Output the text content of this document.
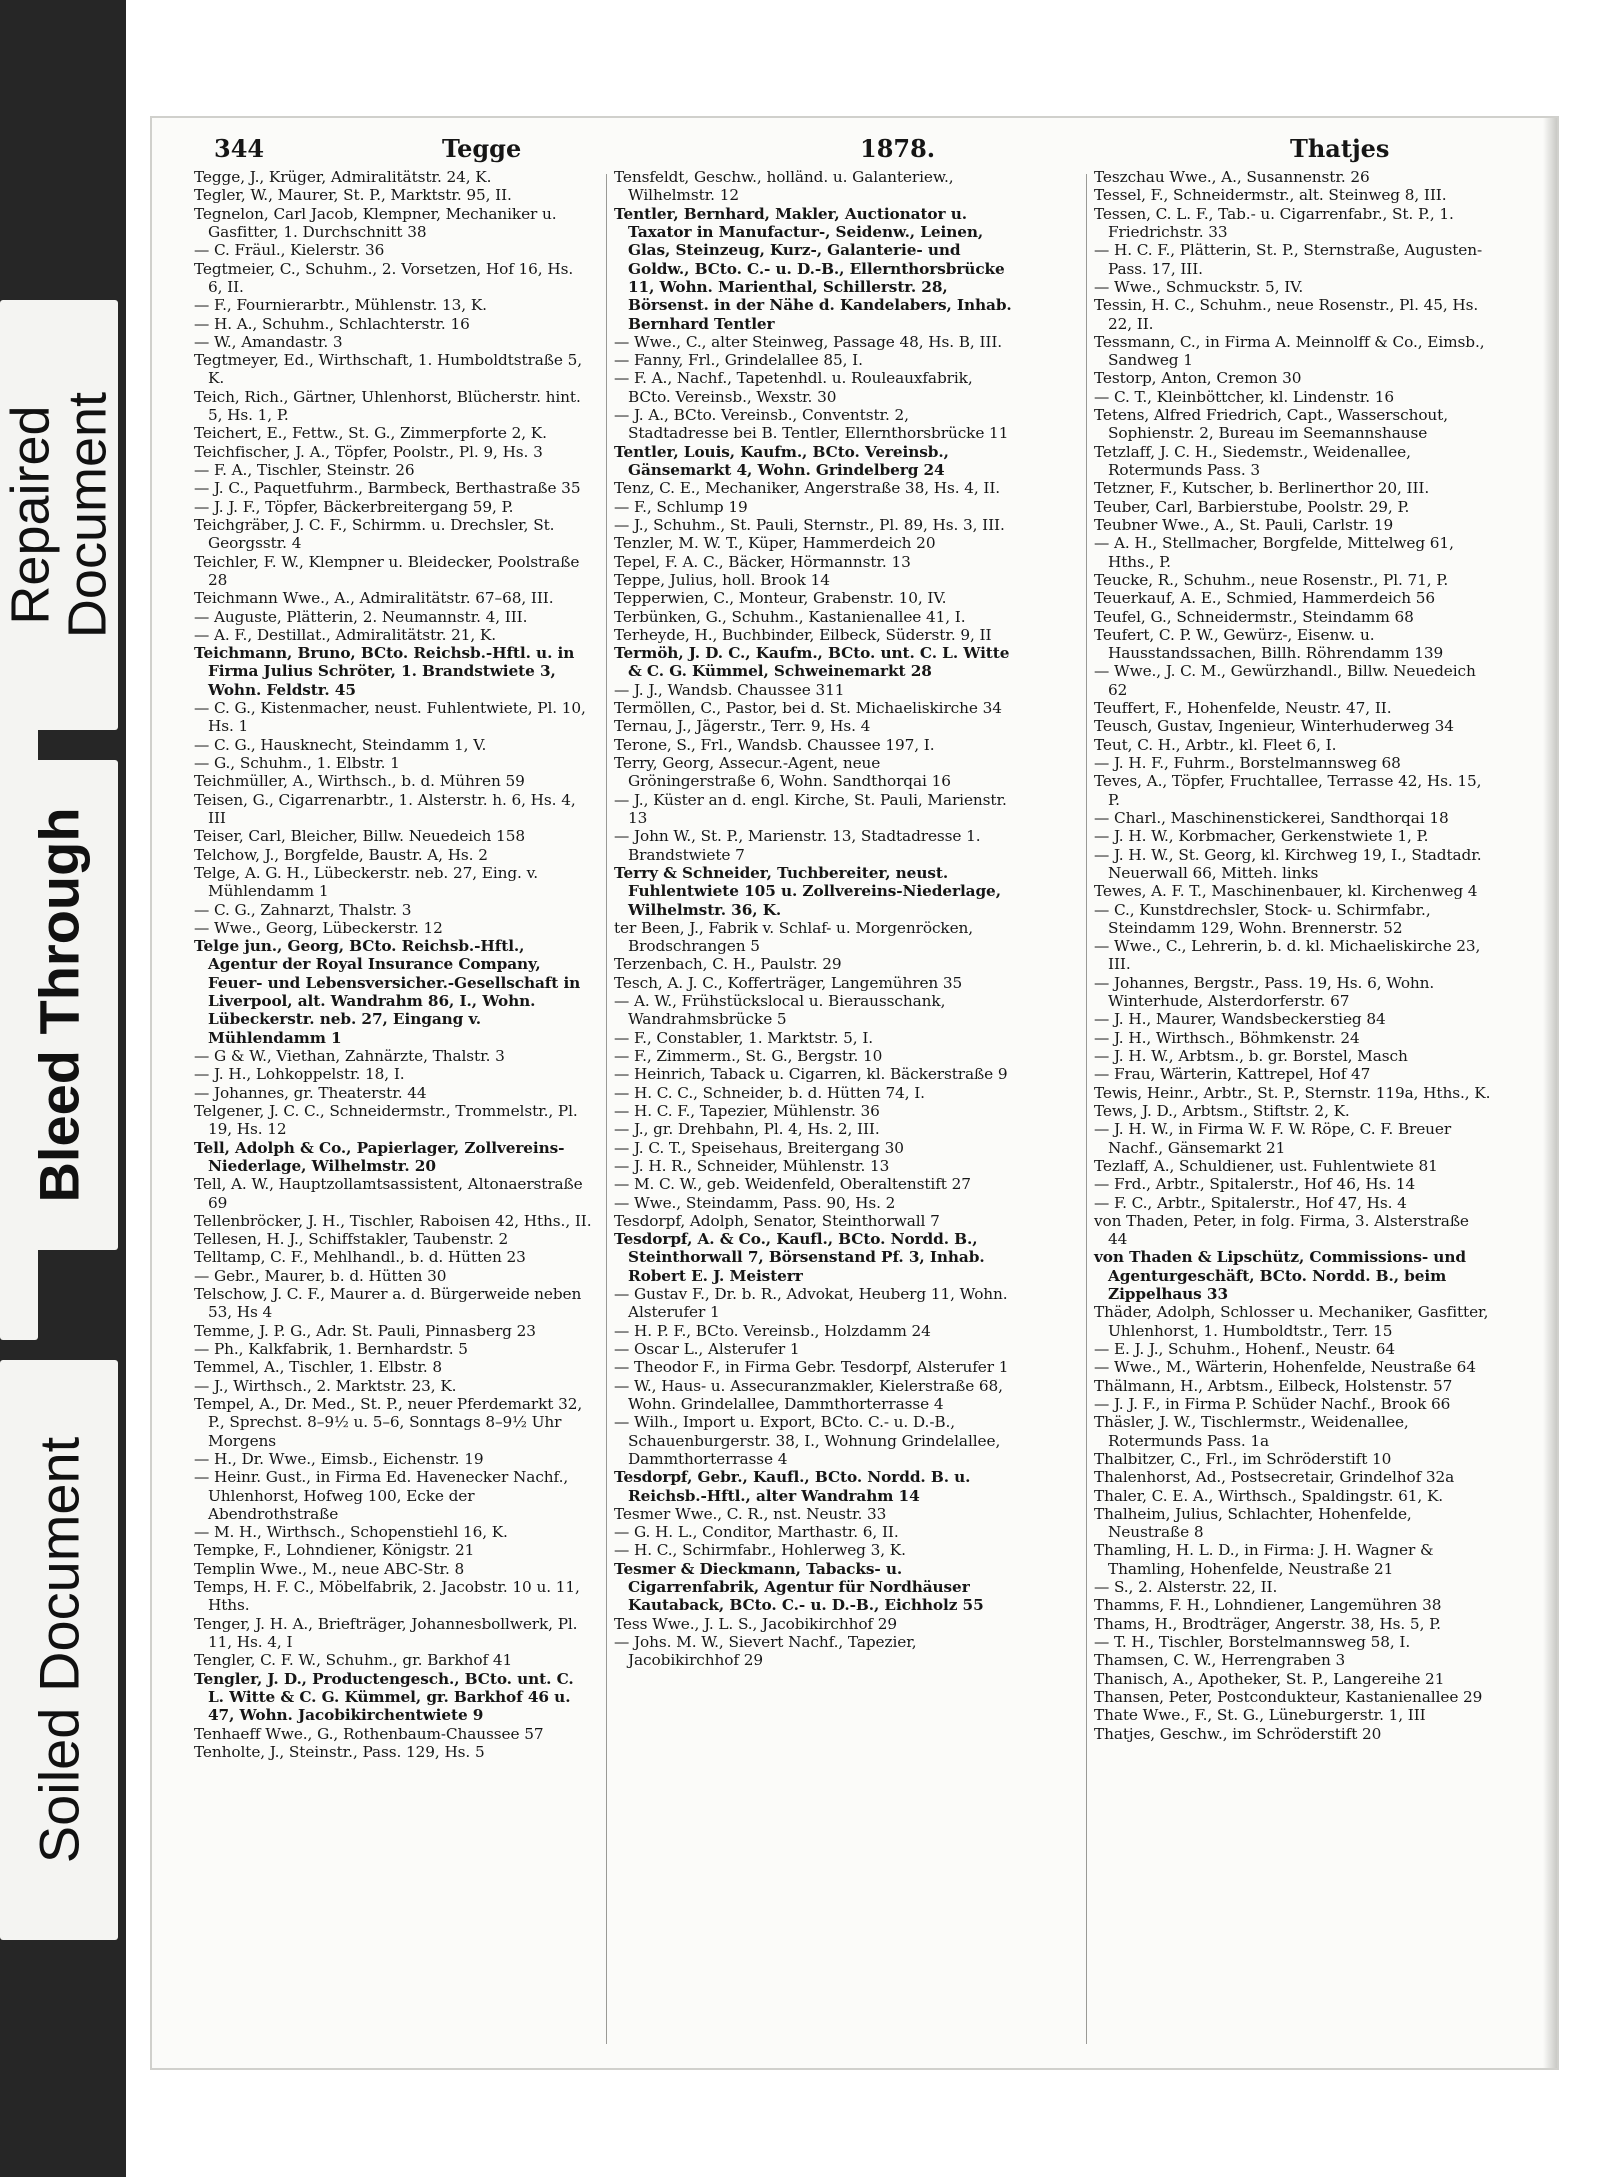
Repaired
Document
Bleed Through
Soiled Document
344	Tegge	1878.	Thatjes

Tegge, J., Krüger, Admiralitätstr. 24, K.

Tegler, W., Maurer, St. P., Marktstr. 95, II.

Tegnelon, Carl Jacob, Klempner, Mechaniker u. Gasfitter, 1. Durchschnitt 38

— C. Fräul., Kielerstr. 36

Tegtmeier, C., Schuhm., 2. Vorsetzen, Hof 16, Hs. 6, II.

— F., Fournierarbtr., Mühlenstr. 13, K.

— H. A., Schuhm., Schlachterstr. 16

— W., Amandastr. 3

Tegtmeyer, Ed., Wirthschaft, 1. Humboldtstraße 5, K.

Teich, Rich., Gärtner, Uhlenhorst, Blücherstr. hint. 5, Hs. 1, P.

Teichert, E., Fettw., St. G., Zimmerpforte 2, K.

Teichfischer, J. A., Töpfer, Poolstr., Pl. 9, Hs. 3

— F. A., Tischler, Steinstr. 26

— J. C., Paquetfuhrm., Barmbeck, Berthastraße 35

— J. J. F., Töpfer, Bäckerbreitergang 59, P.

Teichgräber, J. C. F., Schirmm. u. Drechsler, St. Georgsstr. 4

Teichler, F. W., Klempner u. Bleidecker, Poolstraße 28

Teichmann Wwe., A., Admiralitätstr. 67–68, III.

— Auguste, Plätterin, 2. Neumannstr. 4, III.

— A. F., Destillat., Admiralitätstr. 21, K.

Teichmann, Bruno, BCto. Reichsb.-Hftl. u. in Firma Julius Schröter, 1. Brandstwiete 3, Wohn. Feldstr. 45

— C. G., Kistenmacher, neust. Fuhlentwiete, Pl. 10, Hs. 1

— C. G., Hausknecht, Steindamm 1, V.

— G., Schuhm., 1. Elbstr. 1

Teichmüller, A., Wirthsch., b. d. Mühren 59

Teisen, G., Cigarrenarbtr., 1. Alsterstr. h. 6, Hs. 4, III

Teiser, Carl, Bleicher, Billw. Neuedeich 158

Telchow, J., Borgfelde, Baustr. A, Hs. 2

Telge, A. G. H., Lübeckerstr. neb. 27, Eing. v. Mühlendamm 1

— C. G., Zahnarzt, Thalstr. 3

— Wwe., Georg, Lübeckerstr. 12

Telge jun., Georg, BCto. Reichsb.-Hftl., Agentur der Royal Insurance Company, Feuer- und Lebensversicher.-Gesellschaft in Liverpool, alt. Wandrahm 86, I., Wohn. Lübeckerstr. neb. 27, Eingang v. Mühlendamm 1

— G & W., Viethan, Zahnärzte, Thalstr. 3

— J. H., Lohkoppelstr. 18, I.

— Johannes, gr. Theaterstr. 44

Telgener, J. C. C., Schneidermstr., Trommelstr., Pl. 19, Hs. 12

Tell, Adolph & Co., Papierlager, Zollvereins-Niederlage, Wilhelmstr. 20

Tell, A. W., Hauptzollamtsassistent, Altonaerstraße 69

Tellenbröcker, J. H., Tischler, Raboisen 42, Hths., II.

Tellesen, H. J., Schiffstakler, Taubenstr. 2

Telltamp, C. F., Mehlhandl., b. d. Hütten 23

— Gebr., Maurer, b. d. Hütten 30

Telschow, J. C. F., Maurer a. d. Bürgerweide neben 53, Hs 4

Temme, J. P. G., Adr. St. Pauli, Pinnasberg 23

— Ph., Kalkfabrik, 1. Bernhardstr. 5

Temmel, A., Tischler, 1. Elbstr. 8

— J., Wirthsch., 2. Marktstr. 23, K.

Tempel, A., Dr. Med., St. P., neuer Pferdemarkt 32, P., Sprechst. 8–9½ u. 5–6, Sonntags 8–9½ Uhr Morgens

— H., Dr. Wwe., Eimsb., Eichenstr. 19

— Heinr. Gust., in Firma Ed. Havenecker Nachf., Uhlenhorst, Hofweg 100, Ecke der Abendrothstraße

— M. H., Wirthsch., Schopenstiehl 16, K.

Tempke, F., Lohndiener, Königstr. 21

Templin Wwe., M., neue ABC-Str. 8

Temps, H. F. C., Möbelfabrik, 2. Jacobstr. 10 u. 11, Hths.

Tenger, J. H. A., Briefträger, Johannesbollwerk, Pl. 11, Hs. 4, I

Tengler, C. F. W., Schuhm., gr. Barkhof 41

Tengler, J. D., Productengesch., BCto. unt. C. L. Witte & C. G. Kümmel, gr. Barkhof 46 u. 47, Wohn. Jacobikirchentwiete 9

Tenhaeff Wwe., G., Rothenbaum-Chaussee 57

Tenholte, J., Steinstr., Pass. 129, Hs. 5

Tensfeldt, Geschw., holländ. u. Galanteriew., Wilhelmstr. 12

Tentler, Bernhard, Makler, Auctionator u. Taxator in Manufactur-, Seidenw., Leinen, Glas, Steinzeug, Kurz-, Galanterie- und Goldw., BCto. C.- u. D.-B., Ellernthorsbrücke 11, Wohn. Marienthal, Schillerstr. 28, Börsenst. in der Nähe d. Kandelabers, Inhab. Bernhard Tentler

— Wwe., C., alter Steinweg, Passage 48, Hs. B, III.

— Fanny, Frl., Grindelallee 85, I.

— F. A., Nachf., Tapetenhdl. u. Rouleauxfabrik, BCto. Vereinsb., Wexstr. 30

— J. A., BCto. Vereinsb., Conventstr. 2, Stadtadresse bei B. Tentler, Ellernthorsbrücke 11

Tentler, Louis, Kaufm., BCto. Vereinsb., Gänsemarkt 4, Wohn. Grindelberg 24

Tenz, C. E., Mechaniker, Angerstraße 38, Hs. 4, II.

— F., Schlump 19

— J., Schuhm., St. Pauli, Sternstr., Pl. 89, Hs. 3, III.

Tenzler, M. W. T., Küper, Hammerdeich 20

Tepel, F. A. C., Bäcker, Hörmannstr. 13

Teppe, Julius, holl. Brook 14

Tepperwien, C., Monteur, Grabenstr. 10, IV.

Terbünken, G., Schuhm., Kastanienallee 41, I.

Terheyde, H., Buchbinder, Eilbeck, Süderstr. 9, II

Termöh, J. D. C., Kaufm., BCto. unt. C. L. Witte & C. G. Kümmel, Schweinemarkt 28

— J. J., Wandsb. Chaussee 311

Termöllen, C., Pastor, bei d. St. Michaeliskirche 34

Ternau, J., Jägerstr., Terr. 9, Hs. 4

Terone, S., Frl., Wandsb. Chaussee 197, I.

Terry, Georg, Assecur.-Agent, neue Gröningerstraße 6, Wohn. Sandthorqai 16

— J., Küster an d. engl. Kirche, St. Pauli, Marienstr. 13

— John W., St. P., Marienstr. 13, Stadtadresse 1. Brandstwiete 7

Terry & Schneider, Tuchbereiter, neust. Fuhlentwiete 105 u. Zollvereins-Niederlage, Wilhelmstr. 36, K.

ter Been, J., Fabrik v. Schlaf- u. Morgenröcken, Brodschrangen 5

Terzenbach, C. H., Paulstr. 29

Tesch, A. J. C., Kofferträger, Langemühren 35

— A. W., Frühstückslocal u. Bierausschank, Wandrahmsbrücke 5

— F., Constabler, 1. Marktstr. 5, I.

— F., Zimmerm., St. G., Bergstr. 10

— Heinrich, Taback u. Cigarren, kl. Bäckerstraße 9

— H. C. C., Schneider, b. d. Hütten 74, I.

— H. C. F., Tapezier, Mühlenstr. 36

— J., gr. Drehbahn, Pl. 4, Hs. 2, III.

— J. C. T., Speisehaus, Breitergang 30

— J. H. R., Schneider, Mühlenstr. 13

— M. C. W., geb. Weidenfeld, Oberaltenstift 27

— Wwe., Steindamm, Pass. 90, Hs. 2

Tesdorpf, Adolph, Senator, Steinthorwall 7

Tesdorpf, A. & Co., Kaufl., BCto. Nordd. B., Steinthorwall 7, Börsenstand Pf. 3, Inhab. Robert E. J. Meisterr

— Gustav F., Dr. b. R., Advokat, Heuberg 11, Wohn. Alsterufer 1

— H. P. F., BCto. Vereinsb., Holzdamm 24

— Oscar L., Alsterufer 1

— Theodor F., in Firma Gebr. Tesdorpf, Alsterufer 1

— W., Haus- u. Assecuranzmakler, Kielerstraße 68, Wohn. Grindelallee, Dammthorterrasse 4

— Wilh., Import u. Export, BCto. C.- u. D.-B., Schauenburgerstr. 38, I., Wohnung Grindelallee, Dammthorterrasse 4

Tesdorpf, Gebr., Kaufl., BCto. Nordd. B. u. Reichsb.-Hftl., alter Wandrahm 14

Tesmer Wwe., C. R., nst. Neustr. 33

— G. H. L., Conditor, Marthastr. 6, II.

— H. C., Schirmfabr., Hohlerweg 3, K.

Tesmer & Dieckmann, Tabacks- u. Cigarrenfabrik, Agentur für Nordhäuser Kautaback, BCto. C.- u. D.-B., Eichholz 55

Tess Wwe., J. L. S., Jacobikirchhof 29

— Johs. M. W., Sievert Nachf., Tapezier, Jacobikirchhof 29

Teszchau Wwe., A., Susannenstr. 26

Tessel, F., Schneidermstr., alt. Steinweg 8, III.

Tessen, C. L. F., Tab.- u. Cigarrenfabr., St. P., 1. Friedrichstr. 33

— H. C. F., Plätterin, St. P., Sternstraße, Augusten-Pass. 17, III.

— Wwe., Schmuckstr. 5, IV.

Tessin, H. C., Schuhm., neue Rosenstr., Pl. 45, Hs. 22, II.

Tessmann, C., in Firma A. Meinnolff & Co., Eimsb., Sandweg 1

Testorp, Anton, Cremon 30

— C. T., Kleinböttcher, kl. Lindenstr. 16

Tetens, Alfred Friedrich, Capt., Wasserschout, Sophienstr. 2, Bureau im Seemannshause

Tetzlaff, J. C. H., Siedemstr., Weidenallee, Rotermunds Pass. 3

Tetzner, F., Kutscher, b. Berlinerthor 20, III.

Teuber, Carl, Barbierstube, Poolstr. 29, P.

Teubner Wwe., A., St. Pauli, Carlstr. 19

— A. H., Stellmacher, Borgfelde, Mittelweg 61, Hths., P.

Teucke, R., Schuhm., neue Rosenstr., Pl. 71, P.

Teuerkauf, A. E., Schmied, Hammerdeich 56

Teufel, G., Schneidermstr., Steindamm 68

Teufert, C. P. W., Gewürz-, Eisenw. u. Hausstandssachen, Billh. Röhrendamm 139

— Wwe., J. C. M., Gewürzhandl., Billw. Neuedeich 62

Teuffert, F., Hohenfelde, Neustr. 47, II.

Teusch, Gustav, Ingenieur, Winterhuderweg 34

Teut, C. H., Arbtr., kl. Fleet 6, I.

— J. H. F., Fuhrm., Borstelmannsweg 68

Teves, A., Töpfer, Fruchtallee, Terrasse 42, Hs. 15, P.

— Charl., Maschinenstickerei, Sandthorqai 18

— J. H. W., Korbmacher, Gerkenstwiete 1, P.

— J. H. W., St. Georg, kl. Kirchweg 19, I., Stadtadr. Neuerwall 66, Mitteh. links

Tewes, A. F. T., Maschinenbauer, kl. Kirchenweg 4

— C., Kunstdrechsler, Stock- u. Schirmfabr., Steindamm 129, Wohn. Brennerstr. 52

— Wwe., C., Lehrerin, b. d. kl. Michaeliskirche 23, III.

— Johannes, Bergstr., Pass. 19, Hs. 6, Wohn. Winterhude, Alsterdorferstr. 67

— J. H., Maurer, Wandsbeckerstieg 84

— J. H., Wirthsch., Böhmkenstr. 24

— J. H. W., Arbtsm., b. gr. Borstel, Masch

— Frau, Wärterin, Kattrepel, Hof 47

Tewis, Heinr., Arbtr., St. P., Sternstr. 119a, Hths., K.

Tews, J. D., Arbtsm., Stiftstr. 2, K.

— J. H. W., in Firma W. F. W. Röpe, C. F. Breuer Nachf., Gänsemarkt 21

Tezlaff, A., Schuldiener, ust. Fuhlentwiete 81

— Frd., Arbtr., Spitalerstr., Hof 46, Hs. 14

— F. C., Arbtr., Spitalerstr., Hof 47, Hs. 4

von Thaden, Peter, in folg. Firma, 3. Alsterstraße 44

von Thaden & Lipschütz, Commissions- und Agenturgeschäft, BCto. Nordd. B., beim Zippelhaus 33

Thäder, Adolph, Schlosser u. Mechaniker, Gasfitter, Uhlenhorst, 1. Humboldtstr., Terr. 15

— E. J. J., Schuhm., Hohenf., Neustr. 64

— Wwe., M., Wärterin, Hohenfelde, Neustraße 64

Thälmann, H., Arbtsm., Eilbeck, Holstenstr. 57

— J. J. F., in Firma P. Schüder Nachf., Brook 66

Thäsler, J. W., Tischlermstr., Weidenallee, Rotermunds Pass. 1a

Thalbitzer, C., Frl., im Schröderstift 10

Thalenhorst, Ad., Postsecretair, Grindelhof 32a

Thaler, C. E. A., Wirthsch., Spaldingstr. 61, K.

Thalheim, Julius, Schlachter, Hohenfelde, Neustraße 8

Thamling, H. L. D., in Firma: J. H. Wagner & Thamling, Hohenfelde, Neustraße 21

— S., 2. Alsterstr. 22, II.

Thamms, F. H., Lohndiener, Langemühren 38

Thams, H., Brodträger, Angerstr. 38, Hs. 5, P.

— T. H., Tischler, Borstelmannsweg 58, I.

Thamsen, C. W., Herrengraben 3

Thanisch, A., Apotheker, St. P., Langereihe 21

Thansen, Peter, Postcondukteur, Kastanienallee 29

Thate Wwe., F., St. G., Lüneburgerstr. 1, III

Thatjes, Geschw., im Schröderstift 20
